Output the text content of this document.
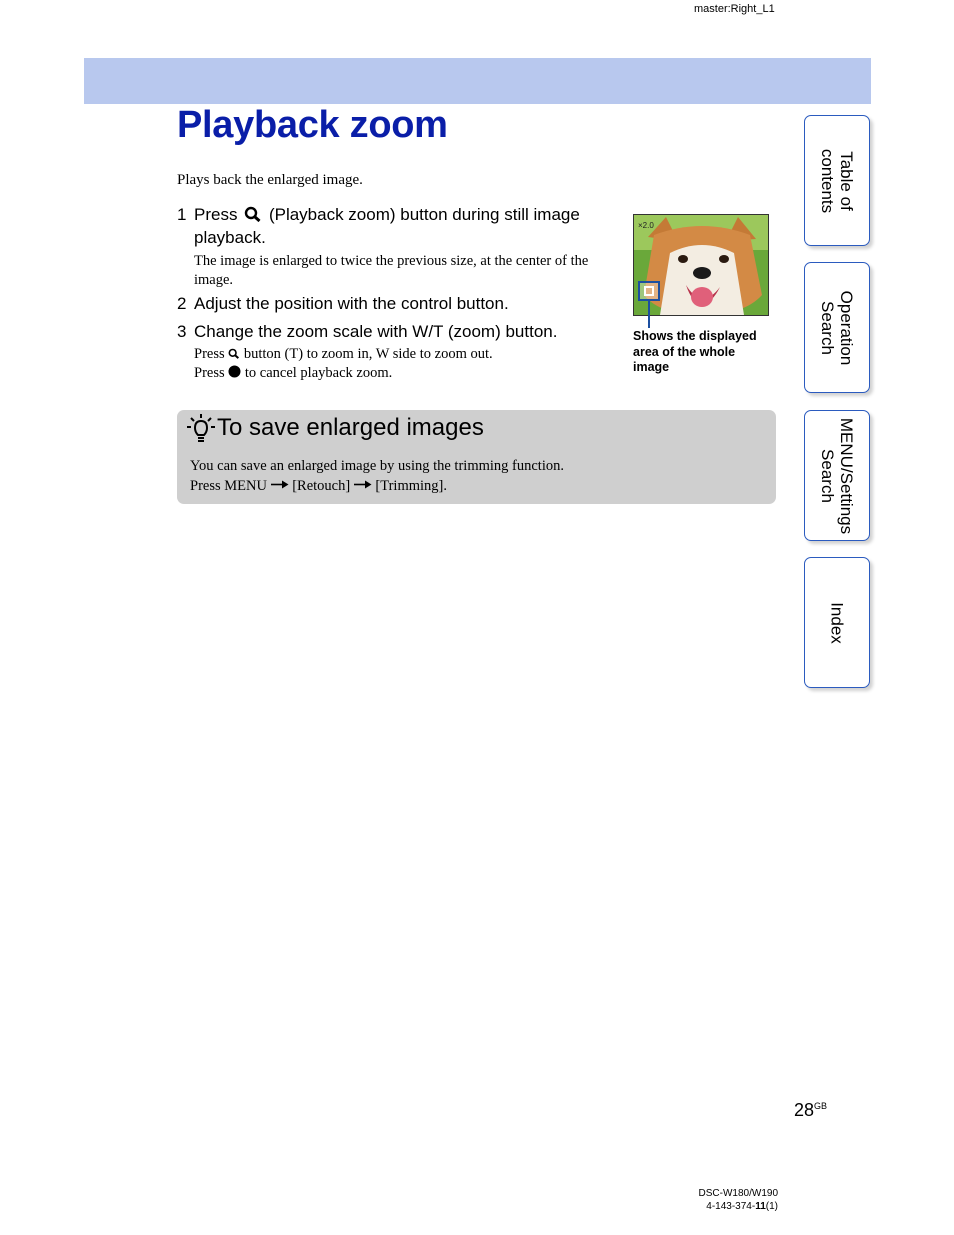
master:Right_L1
Playback zoom
Plays back the enlarged image.
1 Press (Playback zoom) button during still image
playback.
The image is enlarged to twice the previous size, at the center of the image.
2 Adjust the position with the control button.
3 Change the zoom scale with W/T (zoom) button.
Press button (T) to zoom in, W side to zoom out.
Press to cancel playback zoom.
×2.0
Shows the displayed area of the whole image
To save enlarged images
You can save an enlarged image by using the trimming function.
Press MENU [Retouch] [Trimming].
Table of
contents
Operation
Search
MENU/Settings
Search
Index
$28^{GB}$
DSC-W180/W190
4-143-374-11(1)
